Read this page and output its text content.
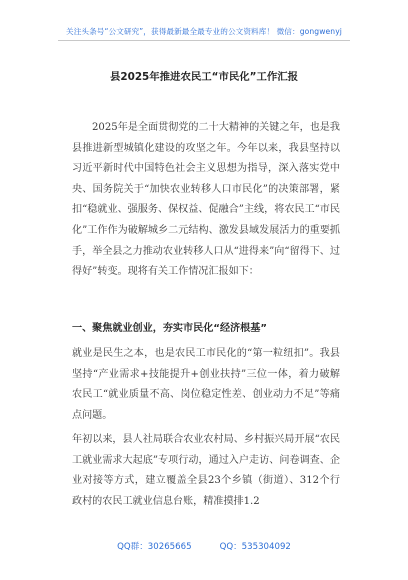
关注头条号“公文研究”，获得最新最全最专业的公文资料库！ 微信：gongwenyj
县2025年推进农民工“市民化”工作汇报
2025年是全面贯彻党的二十大精神的关键之年，也是我县推进新型城镇化建设的攻坚之年。今年以来，我县坚持以习近平新时代中国特色社会主义思想为指导，深入落实党中央、国务院关于“加快农业转移人口市民化”的决策部署，紧扣“稳就业、强服务、保权益、促融合”主线，将农民工“市民化”工作作为破解城乡二元结构、激发县域发展活力的重要抓手，举全县之力推动农业转移人口从“进得来”向“留得下、过得好”转变。现将有关工作情况汇报如下：
一、聚焦就业创业，夯实市民化“经济根基”
就业是民生之本，也是农民工市民化的“第一粒纽扣”。我县坚持“产业需求+技能提升+创业扶持”三位一体，着力破解农民工“就业质量不高、岗位稳定性差、创业动力不足”等痛点问题。
年初以来，县人社局联合农业农村局、乡村振兴局开展“农民工就业需求大起底”专项行动，通过入户走访、问卷调查、企业对接等方式，建立覆盖全县23个乡镇（街道）、312个行政村的农民工就业信息台账，精准摸排1.2
QQ群：30265665	QQ：535304092
